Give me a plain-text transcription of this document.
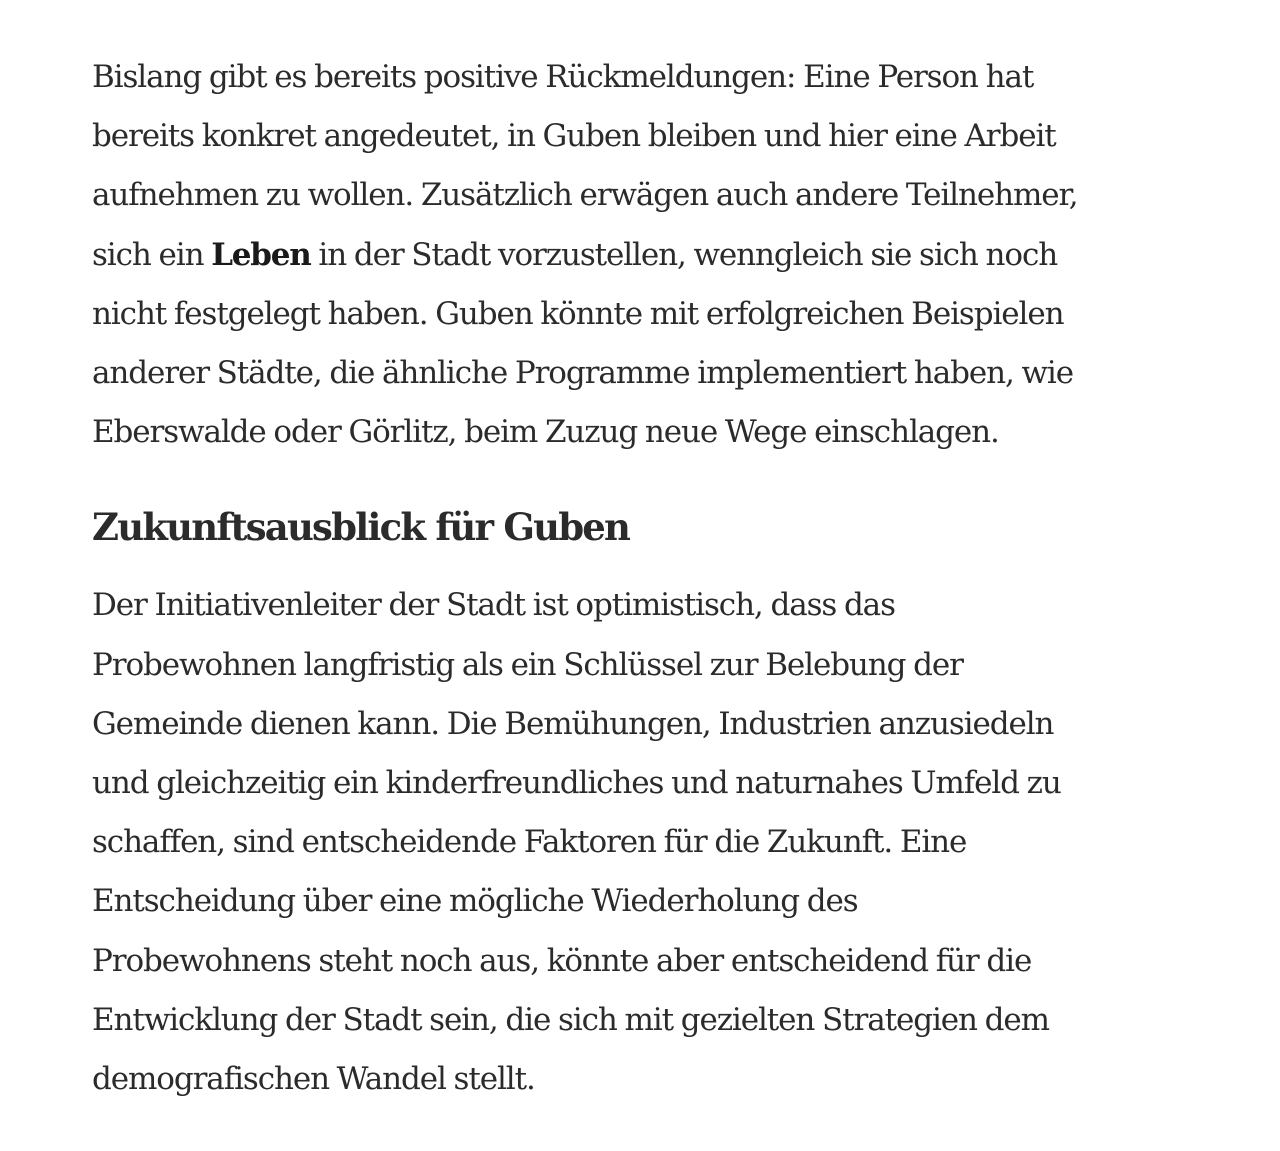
Bislang gibt es bereits positive Rückmeldungen: Eine Person hat
bereits konkret angedeutet, in Guben bleiben und hier eine Arbeit
aufnehmen zu wollen. Zusätzlich erwägen auch andere Teilnehmer,
sich ein Leben in der Stadt vorzustellen, wenngleich sie sich noch
nicht festgelegt haben. Guben könnte mit erfolgreichen Beispielen
anderer Städte, die ähnliche Programme implementiert haben, wie
Eberswalde oder Görlitz, beim Zuzug neue Wege einschlagen.

Zukunftsausblick für Guben

Der Initiativenleiter der Stadt ist optimistisch, dass das
Probewohnen langfristig als ein Schlüssel zur Belebung der
Gemeinde dienen kann. Die Bemühungen, Industrien anzusiedeln
und gleichzeitig ein kinderfreundliches und naturnahes Umfeld zu
schaffen, sind entscheidende Faktoren für die Zukunft. Eine
Entscheidung über eine mögliche Wiederholung des
Probewohnens steht noch aus, könnte aber entscheidend für die
Entwicklung der Stadt sein, die sich mit gezielten Strategien dem
demografischen Wandel stellt.
